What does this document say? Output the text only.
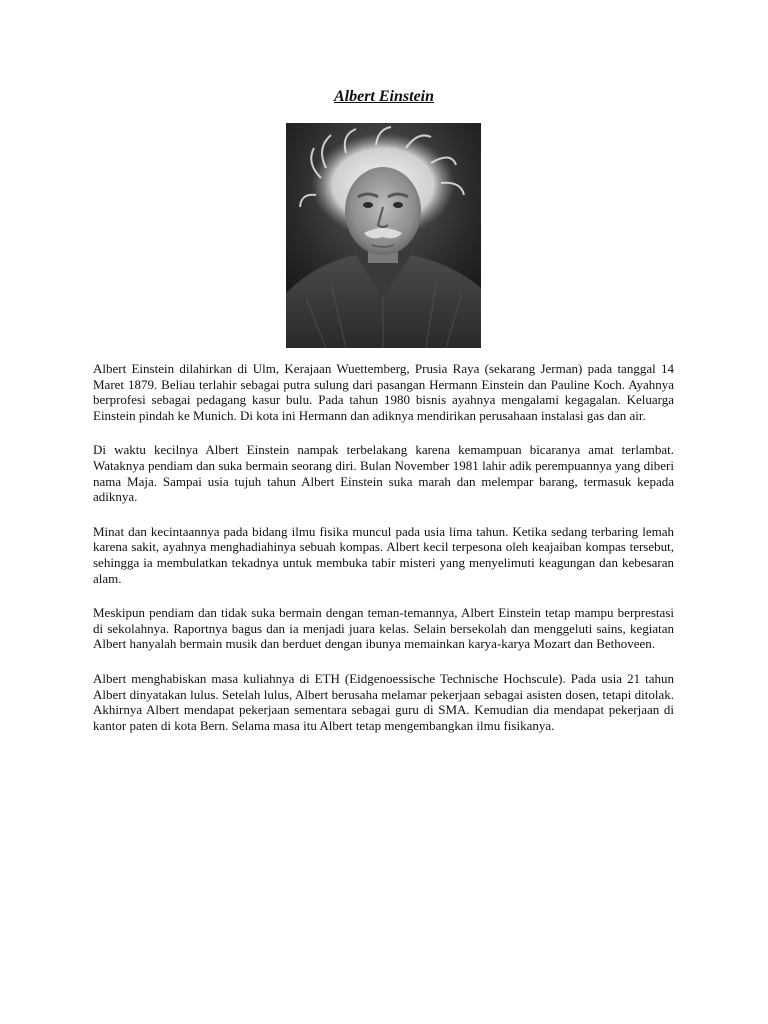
Albert Einstein

Albert Einstein dilahirkan di Ulm, Kerajaan Wuettemberg, Prusia Raya (sekarang Jerman) pada tanggal 14 Maret 1879. Beliau terlahir sebagai putra sulung dari pasangan Hermann Einstein dan Pauline Koch. Ayahnya berprofesi sebagai pedagang kasur bulu. Pada tahun 1980 bisnis ayahnya mengalami kegagalan. Keluarga Einstein pindah ke Munich. Di kota ini Hermann dan adiknya mendirikan perusahaan instalasi gas dan air.

Di waktu kecilnya Albert Einstein nampak terbelakang karena kemampuan bicaranya amat terlambat. Wataknya pendiam dan suka bermain seorang diri. Bulan November 1981 lahir adik perempuannya yang diberi nama Maja. Sampai usia tujuh tahun Albert Einstein suka marah dan melempar barang, termasuk kepada adiknya.

Minat dan kecintaannya pada bidang ilmu fisika muncul pada usia lima tahun. Ketika sedang terbaring lemah karena sakit, ayahnya menghadiahinya sebuah kompas. Albert kecil terpesona oleh keajaiban kompas tersebut, sehingga ia membulatkan tekadnya untuk membuka tabir misteri yang menyelimuti keagungan dan kebesaran alam.

Meskipun pendiam dan tidak suka bermain dengan teman-temannya, Albert Einstein tetap mampu berprestasi di sekolahnya. Raportnya bagus dan ia menjadi juara kelas. Selain bersekolah dan menggeluti sains, kegiatan Albert hanyalah bermain musik dan berduet dengan ibunya memainkan karya-karya Mozart dan Bethoveen.

Albert menghabiskan masa kuliahnya di ETH (Eidgenoessische Technische Hochscule). Pada usia 21 tahun Albert dinyatakan lulus. Setelah lulus, Albert berusaha melamar pekerjaan sebagai asisten dosen, tetapi ditolak. Akhirnya Albert mendapat pekerjaan sementara sebagai guru di SMA. Kemudian dia mendapat pekerjaan di kantor paten di kota Bern. Selama masa itu Albert tetap mengembangkan ilmu fisikanya.
